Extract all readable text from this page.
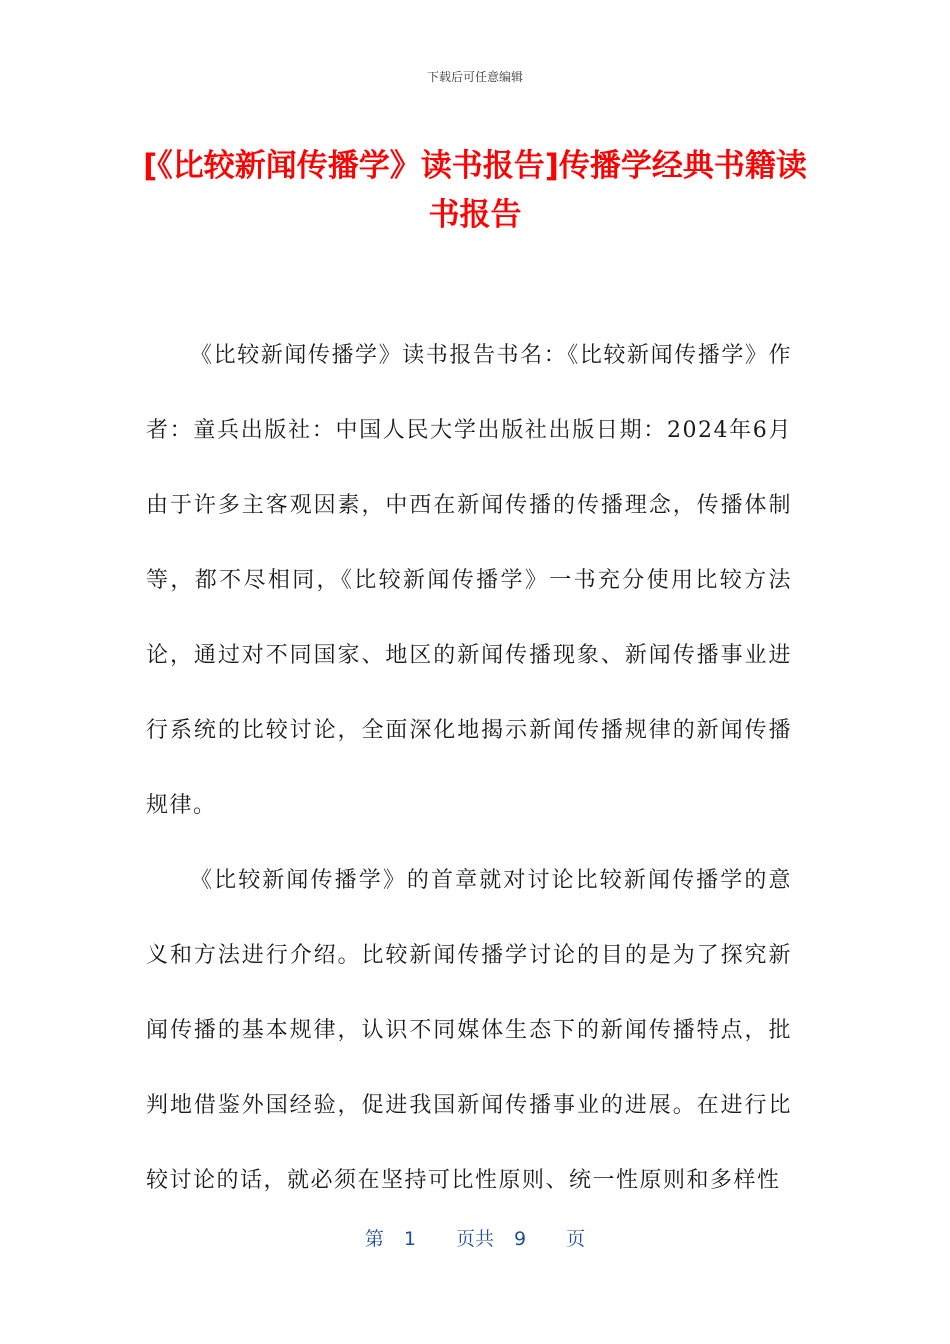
下载后可任意编辑
[《比较新闻传播学》读书报告]传播学经典书籍读书报告

《比较新闻传播学》读书报告书名：《比较新闻传播学》作者：童兵出版社：中国人民大学出版社出版日期：2024年6月由于许多主客观因素，中西在新闻传播的传播理念，传播体制等，都不尽相同，《比较新闻传播学》一书充分使用比较方法论，通过对不同国家、地区的新闻传播现象、新闻传播事业进行系统的比较讨论，全面深化地揭示新闻传播规律的新闻传播规律。

《比较新闻传播学》的首章就对讨论比较新闻传播学的意义和方法进行介绍。比较新闻传播学讨论的目的是为了探究新闻传播的基本规律，认识不同媒体生态下的新闻传播特点，批判地借鉴外国经验，促进我国新闻传播事业的进展。在进行比较讨论的话，就必须在坚持可比性原则、统一性原则和多样性

第 1 页共 9 页
